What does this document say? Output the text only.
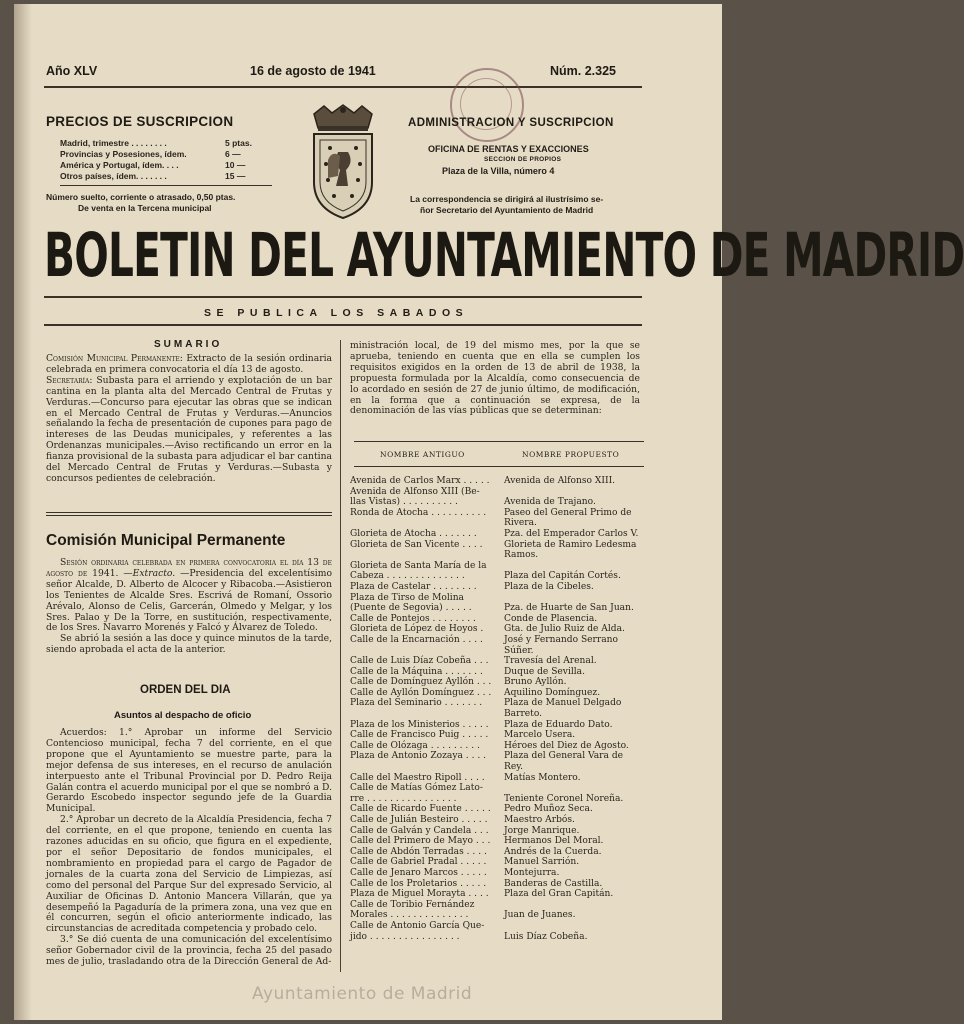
Año XLV	16 de agosto de 1941	Núm. 2.325
PRECIOS DE SUSCRIPCION
Madrid, trimestre . . . . . . . .	5 ptas.
Provincias y Posesiones, ídem.	6 —
América y Portugal, ídem. . . .	10 —
Otros países, ídem. . . . . . .	15 —
Número suelto, corriente o atrasado, 0,50 ptas.
De venta en la Tercena municipal
ADMINISTRACION Y SUSCRIPCION
OFICINA DE RENTAS Y EXACCIONES
SECCION DE PROPIOS
Plaza de la Villa, número 4
La correspondencia se dirigirá al ilustrísimo se-
ñor Secretario del Ayuntamiento de Madrid
BOLETIN DEL AYUNTAMIENTO DE MADRID
SE PUBLICA LOS SABADOS
SUMARIO

Comisión Municipal Permanente: Extracto de la sesión ordinaria celebrada en primera convocatoria el día 13 de agosto.

Secretaría: Subasta para el arriendo y explotación de un bar cantina en la planta alta del Mercado Central de Frutas y Verduras.—Concurso para ejecutar las obras que se indican en el Mercado Central de Frutas y Verduras.—Anuncios señalando la fecha de presentación de cupones para pago de intereses de las Deudas municipales, y referentes a las Ordenanzas municipales.—Aviso rectificando un error en la fianza provisional de la subasta para adjudicar el bar cantina del Mercado Central de Frutas y Verduras.—Subasta y concursos pedientes de celebración.

Comisión Municipal Permanente

Sesión ordinaria celebrada en primera convocatoria el día 13 de agosto de 1941. —Extracto. —Presidencia del excelentísimo señor Alcalde, D. Alberto de Alcocer y Ribacoba.—Asistieron los Tenientes de Alcalde Sres. Escrivá de Romaní, Ossorio Arévalo, Alonso de Celis, Garcerán, Olmedo y Melgar, y los Sres. Palao y De la Torre, en sustitución, respectivamente, de los Sres. Navarro Morenés y Falcó y Álvarez de Toledo.

Se abrió la sesión a las doce y quince minutos de la tarde, siendo aprobada el acta de la anterior.

ORDEN DEL DIA
Asuntos al despacho de oficio

Acuerdos: 1.° Aprobar un informe del Servicio Contencioso municipal, fecha 7 del corriente, en el que propone que el Ayuntamiento se muestre parte, para la mejor defensa de sus intereses, en el recurso de anulación interpuesto ante el Tribunal Provincial por D. Pedro Reija Galán contra el acuerdo municipal por el que se nombró a D. Gerardo Escobedo inspector segundo jefe de la Guardia Municipal.

2.° Aprobar un decreto de la Alcaldía Presidencia, fecha 7 del corriente, en el que propone, teniendo en cuenta las razones aducidas en su oficio, que figura en el expediente, por el señor Depositario de fondos municipales, el nombramiento en propiedad para el cargo de Pagador de jornales de la cuarta zona del Servicio de Limpiezas, así como del personal del Parque Sur del expresado Servicio, al Auxiliar de Oficinas D. Antonio Mancera Villarán, que ya desempeñó la Pagaduría de la primera zona, una vez que en él concurren, según el oficio anteriormente indicado, las circunstancias de acreditada competencia y probado celo.

3.° Se dió cuenta de una comunicación del excelentísimo señor Gobernador civil de la provincia, fecha 25 del pasado mes de julio, trasladando otra de la Dirección General de Ad-

ministración local, de 19 del mismo mes, por la que se aprueba, teniendo en cuenta que en ella se cumplen los requisitos exigidos en la orden de 13 de abril de 1938, la propuesta formulada por la Alcaldía, como consecuencia de lo acordado en sesión de 27 de junio último, de modificación, en la forma que a continuación se expresa, de la denominación de las vías públicas que se determinan:

NOMBRE ANTIGUO	NOMBRE PROPUESTO
Avenida de Carlos Marx . . . . .	Avenida de Alfonso XIII.
Avenida de Alfonso XIII (Be-
llas Vistas) . . . . . . . . . .	Avenida de Trajano.
Ronda de Atocha . . . . . . . . . .	Paseo del General Primo de
Rivera.
Glorieta de Atocha . . . . . . .	Pza. del Emperador Carlos V.
Glorieta de San Vicente . . . .	Glorieta de Ramiro Ledesma
Ramos.
Glorieta de Santa María de la
Cabeza . . . . . . . . . . . . . .	Plaza del Capitán Cortés.
Plaza de Castelar . . . . . . . .	Plaza de la Cibeles.
Plaza de Tirso de Molina
(Puente de Segovia) . . . . .	Pza. de Huarte de San Juan.
Calle de Pontejos . . . . . . . .	Conde de Plasencia.
Glorieta de López de Hoyos .	Gta. de Julio Ruiz de Alda.
Calle de la Encarnación . . . .	José y Fernando Serrano
Súñer.
Calle de Luis Díaz Cobeña . . .	Travesía del Arenal.
Calle de la Máquina . . . . . . .	Duque de Sevilla.
Calle de Domínguez Ayllón . . .	Bruno Ayllón.
Calle de Ayllón Domínguez . . .	Aquilino Domínguez.
Plaza del Seminario . . . . . . .	Plaza de Manuel Delgado
Barreto.
Plaza de los Ministerios . . . . .	Plaza de Eduardo Dato.
Calle de Francisco Puig . . . . .	Marcelo Usera.
Calle de Olózaga . . . . . . . . .	Héroes del Diez de Agosto.
Plaza de Antonio Zozaya . . . .	Plaza del General Vara de
Rey.
Calle del Maestro Ripoll . . . .	Matías Montero.
Calle de Matías Gómez Lato-
rre . . . . . . . . . . . . . . . .	Teniente Coronel Noreña.
Calle de Ricardo Fuente . . . . .	Pedro Muñoz Seca.
Calle de Julián Besteiro . . . . .	Maestro Arbós.
Calle de Galván y Candela . . .	Jorge Manrique.
Calle del Primero de Mayo . . .	Hermanos Del Moral.
Calle de Abdón Terradas . . . .	Andrés de la Cuerda.
Calle de Gabriel Pradal . . . . .	Manuel Sarrión.
Calle de Jenaro Marcos . . . . .	Montejurra.
Calle de los Proletarios . . . . .	Banderas de Castilla.
Plaza de Miguel Morayta . . . .	Plaza del Gran Capitán.
Calle de Toribio Fernández
Morales . . . . . . . . . . . . . .	Juan de Juanes.
Calle de Antonio García Que-
jido . . . . . . . . . . . . . . . .	Luis Díaz Cobeña.
Ayuntamiento de Madrid
